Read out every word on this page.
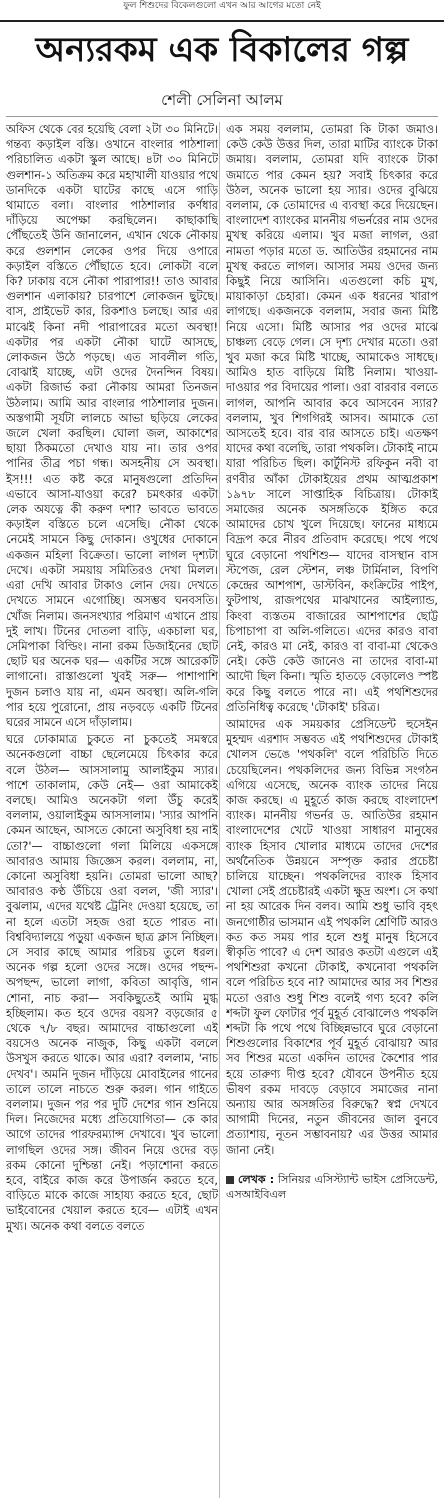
ফুল শিশুদের বিকেলগুলো এখন আর আগের মতো নেই
অন্যরকম এক বিকালের গল্প
শেলী সেলিনা আলম

অফিস থেকে বের হয়েছি বেলা ২টা ৩০ মিনিটে। গন্তব্য কড়াইল বস্তি। ওখানে বাংলার পাঠশালা পরিচালিত একটা স্কুল আছে। ৪টা ৩০ মিনিটে গুলশান-১ অতিক্রম করে মহাখালী যাওয়ার পথে ডানদিকে একটা ঘাটের কাছে এসে গাড়ি থামাতে বলা। বাংলার পাঠশালার কর্ণধার দাঁড়িয়ে অপেক্ষা করছিলেন। কাছাকাছি পৌঁছতেই উনি জানালেন, এখান থেকে নৌকায় করে গুলশান লেকের ওপর দিয়ে ওপারে কড়াইল বস্তিতে পৌঁছাতে হবে। লোকটা বলে কি? ঢাকায় বসে নৌকা পারাপার!! তাও আবার গুলশান এলাকায়? চারপাশে লোকজন ছুটছে। বাস, প্রাইভেট কার, রিকশাও চলছে। আর এর মাঝেই কিনা নদী পারাপারের মতো অবস্থা! একটার পর একটা নৌকা ঘাটে আসছে, লোকজন উঠে পড়ছে। এত সাবলীল গতি, বোঝাই যাচ্ছে, এটা ওদের দৈনন্দিন বিষয়। একটা রিজার্ভ করা নৌকায় আমরা তিনজন উঠলাম। আমি আর বাংলার পাঠশালার দুজন। অস্তগামী সূর্যটা লালচে আভা ছড়িয়ে লেকের জলে খেলা করছিল। ঘোলা জল, আকাশের ছায়া ঠিকমতো দেখাও যায় না। তার ওপর পানির তীব্র পচা গন্ধ। অসহনীয় সে অবস্থা। ইস!!! এত কষ্ট করে মানুষগুলো প্রতিদিন এভাবে আসা-যাওয়া করে? চমৎকার একটা লেক অযত্নে কী করুণ দশা? ভাবতে ভাবতে কড়াইল বস্তিতে চলে এসেছি। নৌকা থেকে নেমেই সামনে কিছু দোকান। ওখুধের দোকানে একজন মহিলা বিক্রেতা। ভালো লাগল দৃশ্যটা দেখে। একটা সময়ায় সমিতিরও দেখা মিলল। এরা দেখি আবার টাকাও লোন দেয়। দেখতে দেখতে সামনে এগোচ্ছি। অসম্ভব ঘনবসতি। খোঁজ নিলাম। জনসংখ্যার পরিমাণ এখানে প্রায় দুই লাখ। টিনের দোতলা বাড়ি, একচালা ঘর, সেমিপাকা বিল্ডিং। নানা রকম ডিজাইনের ছোট ছোট ঘর অনেক ঘর— একটির সঙ্গে আরেকটি লাগানো। রাস্তাগুলো খুবই সরু— পাশাপাশি দুজন চলাও যায় না, এমন অবস্থা। অলি-গলি পার হয়ে পুরোনো, প্রায় নড়বড়ে একটি টিনের ঘরের সামনে এসে দাঁড়ালাম।

ঘরে ঢোকামাত্র চুকতে না চুকতেই সমস্বরে অনেকগুলো বাচ্চা ছেলেমেয়ে চিৎকার করে বলে উঠল— আসসালামু আলাইকুম স্যার। পাশে তাকালাম, কেউ নেই— ওরা আমাকেই বলছে। আমিও অনেকটা গলা উঁচু করেই বললাম, ওয়ালাইকুম আসসালাম। 'স্যার আপনি কেমন আছেন, আসতে কোনো অসুবিধা হয় নাই তো?'— বাচ্চাগুলো গলা মিলিয়ে একসঙ্গে আবারও আমায় জিজ্ঞেস করল। বললাম, না, কোনো অসুবিধা হয়নি। তোমরা ভালো আছ? আবারও কণ্ঠ উঁচিয়ে ওরা বলল, 'জী স্যার'। বুঝলাম, এদের যথেষ্ট ট্রেনিং দেওয়া হয়েছে, তা না হলে এতটা সহজ ওরা হতে পারত না। বিশ্ববিদ্যালয়ে পড়ুয়া একজন ছাত্র ক্লাস নিচ্ছিল। সে সবার কাছে আমার পরিচয় তুলে ধরল। অনেক গল্প হলো ওদের সঙ্গে। ওদের পছন্দ-অপছন্দ, ভালো লাগা, কবিতা আবৃত্তি, গান শোনা, নাচ করা— সবকিছুতেই আমি মুগ্ধ হচ্ছিলাম। কত হবে ওদের বয়স? বড়জোর ৫ থেকে ৭/৮ বছর। আমাদের বাচ্চাগুলো এই বয়সেও অনেক নাজুক, কিছু একটা বললে উসখুস করতে থাকে। আর এরা? বললাম, 'নাচ দেখব'। অমনি দুজন দাঁড়িয়ে মোবাইলের গানের তালে তালে নাচতে শুরু করল। গান গাইতে বললাম। দুজন পর পর দুটি দেশের গান শুনিয়ে দিল। নিজেদের মধ্যে প্রতিযোগিতা— কে কার আগে তাদের পারফরম্যান্স দেখাবে। খুব ভালো লাগছিল ওদের সঙ্গ। জীবন নিয়ে ওদের বড় রকম কোনো দুশ্চিন্তা নেই। পড়াশোনা করতে হবে, বাইরে কাজ করে উপার্জন করতে হবে, বাড়িতে মাকে কাজে সাহায্য করতে হবে, ছোট ভাইবোনের খেয়াল করতে হবে— এটাই এখন মুখ্য। অনেক কথা বলতে বলতে

এক সময় বললাম, তোমরা কি টাকা জমাও। কেউ কেউ উত্তর দিল, তারা মাটির ব্যাংকে টাকা জমায়। বললাম, তোমরা যদি ব্যাংকে টাকা জমাতে পার কেমন হয়? সবাই চিৎকার করে উঠল, অনেক ভালো হয় স্যার। ওদের বুঝিয়ে বললাম, কে তোমাদের এ ব্যবস্থা করে দিয়েছেন। বাংলাদেশ ব্যাংকের মাননীয় গভর্নরের নাম ওদের মুখস্থ করিয়ে এলাম। খুব মজা লাগল, ওরা নামতা পড়ার মতো ড. আতিউর রহমানের নাম মুখস্থ করতে লাগল। আসার সময় ওদের জন্য কিছুই নিয়ে আসিনি। এতগুলো কচি মুখ, মায়াকাড়া চেহারা। কেমন এক ধরনের খারাপ লাগছে। একজনকে বললাম, সবার জন্য মিষ্টি নিয়ে এসো। মিষ্টি আসার পর ওদের মাঝে চাঞ্চল্য বেড়ে গেল। সে দৃশ্য দেখার মতো। ওরা খুব মজা করে মিষ্টি খাচ্ছে, আমাকেও সাধছে। আমিও হাত বাড়িয়ে মিষ্টি নিলাম। খাওয়া-দাওয়ার পর বিদায়ের পালা। ওরা বারবার বলতে লাগল, আপনি আবার কবে আসবেন স্যার? বললাম, খুব শিগগিরই আসব। আমাকে তো আসতেই হবে। বার বার আসতে চাই। এতক্ষণ যাদের কথা বলেছি, তারা পথকলি। টোকাই নামে যারা পরিচিত ছিল। কার্টুনিস্ট রফিকুন নবী বা রণবীর আঁকা টোকাইয়ের প্রথম আত্মপ্রকাশ ১৯৭৮ সালে সাপ্তাহিক বিচিত্রায়। টোকাই সমাজের অনেক অসঙ্গতিকে ইঙ্গিত করে আমাদের চোখ খুলে দিয়েছে। ফানের মাধ্যমে বিদ্রূপ করে নীরব প্রতিবাদ করেছে। পথে পথে ঘুরে বেড়ানো পথশিশু— যাদের বাসস্থান বাস স্টপেজ, রেল স্টেশন, লঞ্চ টার্মিনাল, বিপণি কেন্দ্রের আশপাশ, ডাস্টবিন, কংক্রিটের পাইপ, ফুটপাথ, রাজপথের মাঝখানের আইল্যান্ড, কিংবা ব্যস্ততম বাজারের আশপাশের ছোট্ট চিপাচাপা বা অলি-গলিতে। এদের কারও বাবা নেই, কারও মা নেই, কারও বা বাবা-মা থেকেও নেই। কেউ কেউ জানেও না তাদের বাবা-মা আদৌ ছিল কিনা। স্মৃতি হাতড়ে বেড়ালেও স্পষ্ট করে কিছু বলতে পারে না। এই পথশিশুদের প্রতিনিধিত্ব করেছে 'টোকাই' চরিত্র।

আমাদের এক সময়কার প্রেসিডেন্ট হুসেইন মুহম্মদ এরশাদ সম্ভবত এই পথশিশুদের টোকাই খোলস ভেঙে 'পথকলি' বলে পরিচিতি দিতে চেয়েছিলেন। পথকলিদের জন্য বিভিন্ন সংগঠন এগিয়ে এসেছে, অনেক ব্যাংক তাদের নিয়ে কাজ করছে। এ মুহূর্তে কাজ করছে বাংলাদেশ ব্যাংক। মাননীয় গভর্নর ড. আতিউর রহমান বাংলাদেশের খেটে খাওয়া সাধারণ মানুষের ব্যাংক হিসাব খোলার মাধ্যমে তাদের দেশের অর্থনৈতিক উন্নয়নে সম্পৃক্ত করার প্রচেষ্টা চালিয়ে যাচ্ছেন। পথকলিদের ব্যাংক হিসাব খোলা সেই প্রচেষ্টারই একটা ক্ষুদ্র অংশ। সে কথা না হয় আরেক দিন বলব। আমি শুধু ভাবি বৃহৎ জনগোষ্ঠীর ভাসমান এই পথকলি শ্রেণিটি আরও কত কত সময় পার হলে শুধু মানুষ হিসেবে স্বীকৃতি পাবে? এ দেশ আরও কতটা এগুলে এই পথশিশুরা কখনো টোকাই, কখনোবা পথকলি বলে পরিচিত হবে না? আমাদের আর সব শিশুর মতো ওরাও শুধু শিশু বলেই গণ্য হবে? কলি শব্দটা ফুল ফোটার পূর্ব মুহূর্ত বোঝালেও পথকলি শব্দটা কি পথে পথে বিচ্ছিন্নভাবে ঘুরে বেড়ানো শিশুগুলোর বিকাশের পূর্ব মুহূর্ত বোঝায়? আর সব শিশুর মতো একদিন তাদের কৈশোর পার হয়ে তারুণ্য দীপ্ত হবে? যৌবনে উপনীত হয়ে ভীষণ রকম দাবড়ে বেড়াবে সমাজের নানা অন্যায় আর অসঙ্গতির বিরুদ্ধে? স্বপ্ন দেখবে আগামী দিনের, নতুন জীবনের জাল বুনবে প্রত্যাশায়, নূতন সম্ভাবনায়? এর উত্তর আমার জানা নেই।

লেখক : সিনিয়র এসিস্ট্যান্ট ভাইস প্রেসিডেন্ট, এসআইবিএল
